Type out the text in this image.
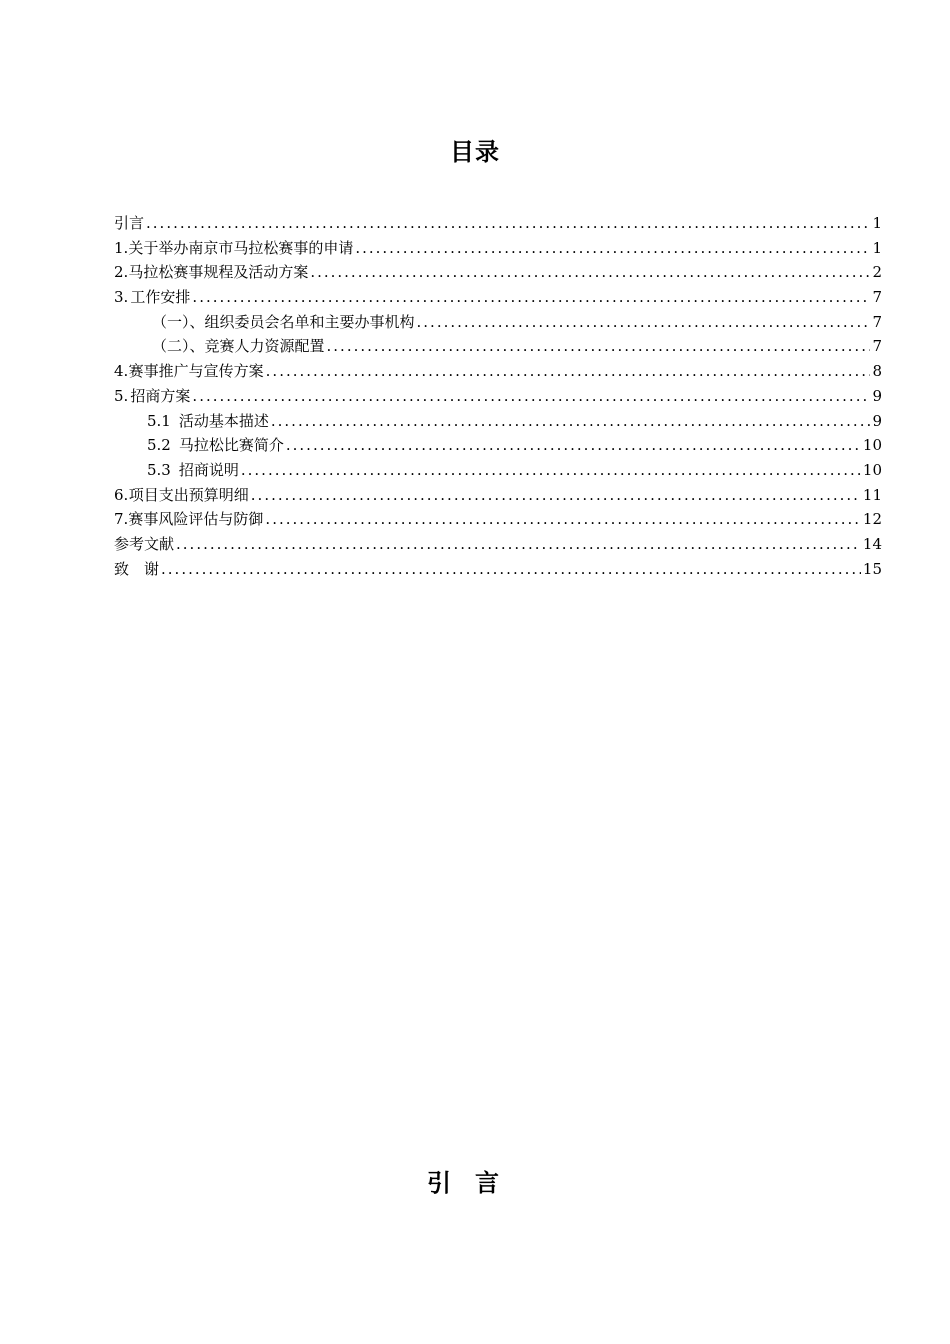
目录
引言 .....	1
1. 关于举办南京市马拉松赛事的申请 .....	1
2. 马拉松赛事规程及活动方案 .....	2
3. 工作安排 .....	7
（一）、组织委员会名单和主要办事机构 .....	7
（二）、竞赛人力资源配置 .....	7
4. 赛事推广与宣传方案 .....	8
5. 招商方案 .....	9
5.1 活动基本描述 .....	9
5.2 马拉松比赛简介 .....	10
5.3 招商说明 .....	10
6. 项目支出预算明细 .....	11
7. 赛事风险评估与防御 .....	12
参考文献 .....	14
致　谢 .....	15
引言
